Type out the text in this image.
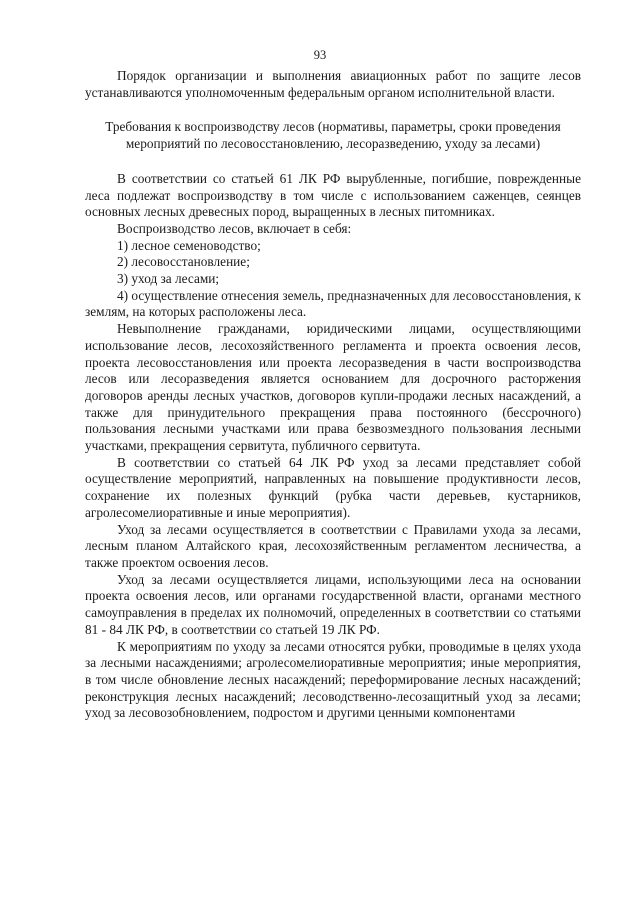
93

Порядок организации и выполнения авиационных работ по защите лесов устанавливаются уполномоченным федеральным органом исполнительной власти.

Требования к воспроизводству лесов (нормативы, параметры, сроки проведения мероприятий по лесовосстановлению, лесоразведению, уходу за лесами)

В соответствии со статьей 61 ЛК РФ вырубленные, погибшие, поврежденные леса подлежат воспроизводству в том числе с использованием саженцев, сеянцев основных лесных древесных пород, выращенных в лесных питомниках.

Воспроизводство лесов, включает в себя:

1) лесное семеноводство;

2) лесовосстановление;

3) уход за лесами;

4) осуществление отнесения земель, предназначенных для лесовосстановления, к землям, на которых расположены леса.

Невыполнение гражданами, юридическими лицами, осуществляющими использование лесов, лесохозяйственного регламента и проекта освоения лесов, проекта лесовосстановления или проекта лесоразведения в части воспроизводства лесов или лесоразведения является основанием для досрочного расторжения договоров аренды лесных участков, договоров купли-продажи лесных насаждений, а также для принудительного прекращения права постоянного (бессрочного) пользования лесными участками или права безвозмездного пользования лесными участками, прекращения сервитута, публичного сервитута.

В соответствии со статьей 64 ЛК РФ уход за лесами представляет собой осуществление мероприятий, направленных на повышение продуктивности лесов, сохранение их полезных функций (рубка части деревьев, кустарников, агролесомелиоративные и иные мероприятия).

Уход за лесами осуществляется в соответствии с Правилами ухода за лесами, лесным планом Алтайского края, лесохозяйственным регламентом лесничества, а также проектом освоения лесов.

Уход за лесами осуществляется лицами, использующими леса на основании проекта освоения лесов, или органами государственной власти, органами местного самоуправления в пределах их полномочий, определенных в соответствии со статьями 81 - 84 ЛК РФ, в соответствии со статьей 19 ЛК РФ.

К мероприятиям по уходу за лесами относятся рубки, проводимые в целях ухода за лесными насаждениями; агролесомелиоративные мероприятия; иные мероприятия, в том числе обновление лесных насаждений; переформирование лесных насаждений; реконструкция лесных насаждений; лесоводственно-лесозащитный уход за лесами; уход за лесовозобновлением, подростом и другими ценными компонентами
